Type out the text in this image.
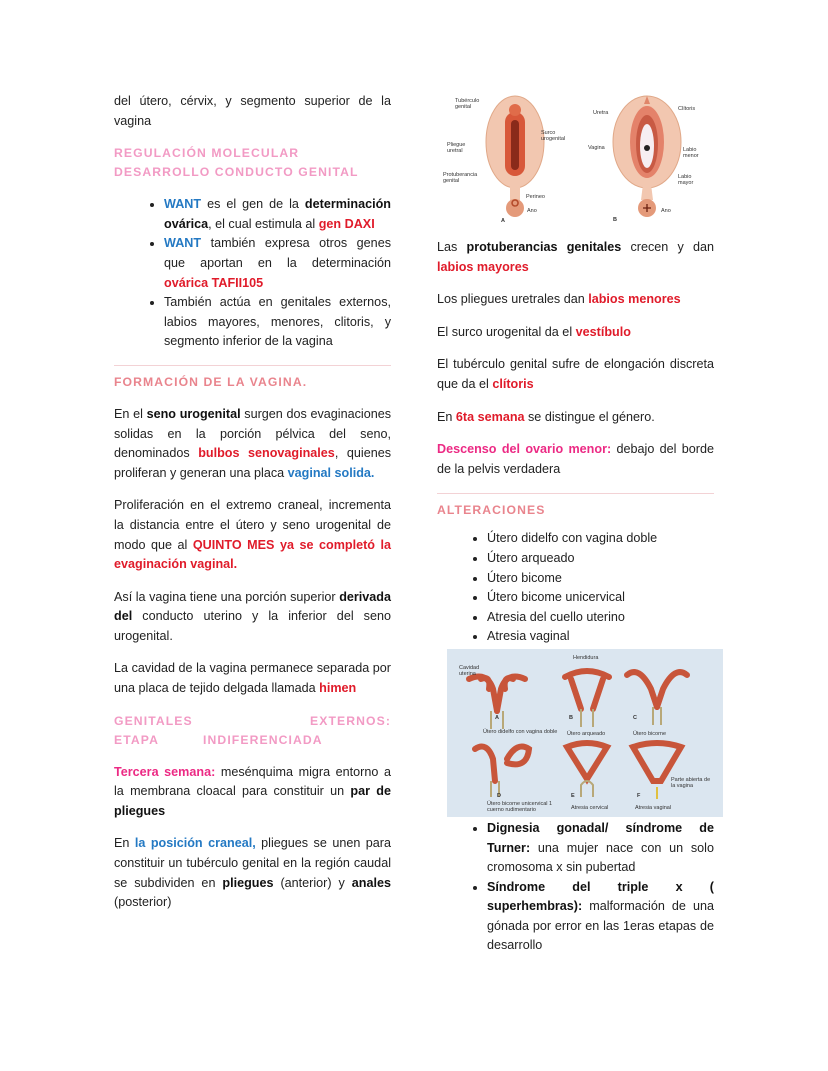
del útero, cérvix, y segmento superior de la vagina

REGULACIÓN MOLECULAR DESARROLLO CONDUCTO GENITAL
• WANT es el gen de la determinación ovárica, el cual estimula al gen DAXI
• WANT también expresa otros genes que aportan en la determinación ovárica TAFII105
• También actúa en genitales externos, labios mayores, menores, clitoris, y segmento inferior de la vagina
FORMACIÓN DE LA VAGINA.

En el seno urogenital surgen dos evaginaciones solidas en la porción pélvica del seno, denominados bulbos senovaginales, quienes proliferan y generan una placa vaginal solida.

Proliferación en el extremo craneal, incrementa la distancia entre el útero y seno urogenital de modo que al QUINTO MES ya se completó la evaginación vaginal.

Así la vagina tiene una porción superior derivada del conducto uterino y la inferior del seno urogenital.

La cavidad de la vagina permanece separada por una placa de tejido delgada llamada himen

GENITALES EXTERNOS: ETAPA INDIFERENCIADA

Tercera semana: mesénquima migra entorno a la membrana cloacal para constituir un par de pliegues

En la posición craneal, pliegues se unen para constituir un tubérculo genital en la región caudal se subdividen en pliegues (anterior) y anales (posterior)

Tubérculo
genital
Surco
urogenital
Pliegue
uretral
Protuberancia
genital
Perineo
Ano
A
Uretra
Clítoris
Vagina	Labio
menor
Labio
mayor
Ano
B

Las protuberancias genitales crecen y dan labios mayores

Los pliegues uretrales dan labios menores

El surco urogenital da el vestíbulo

El tubérculo genital sufre de elongación discreta que da el clítoris

En 6ta semana se distingue el género.

Descenso del ovario menor: debajo del borde de la pelvis verdadera

ALTERACIONES
• Útero didelfo con vagina doble
• Útero arqueado
• Útero bicome
• Útero bicome unicervical
• Atresia del cuello uterino
• Atresia vaginal
Cavidad
uterina
Hendidura
A
Útero didelfo con vagina doble
B
Útero arqueado
C
Útero bicorne
D
Útero bicorne unicervical 1 cuerno rudimentario
E
Atresia cervical
F
Atresia vaginal
Parte abierta de la vagina
• Dignesia gonadal/ síndrome de Turner: una mujer nace con un solo cromosoma x sin pubertad
• Síndrome del triple x ( superhembras): malformación de una gónada por error en las 1eras etapas de desarrollo
